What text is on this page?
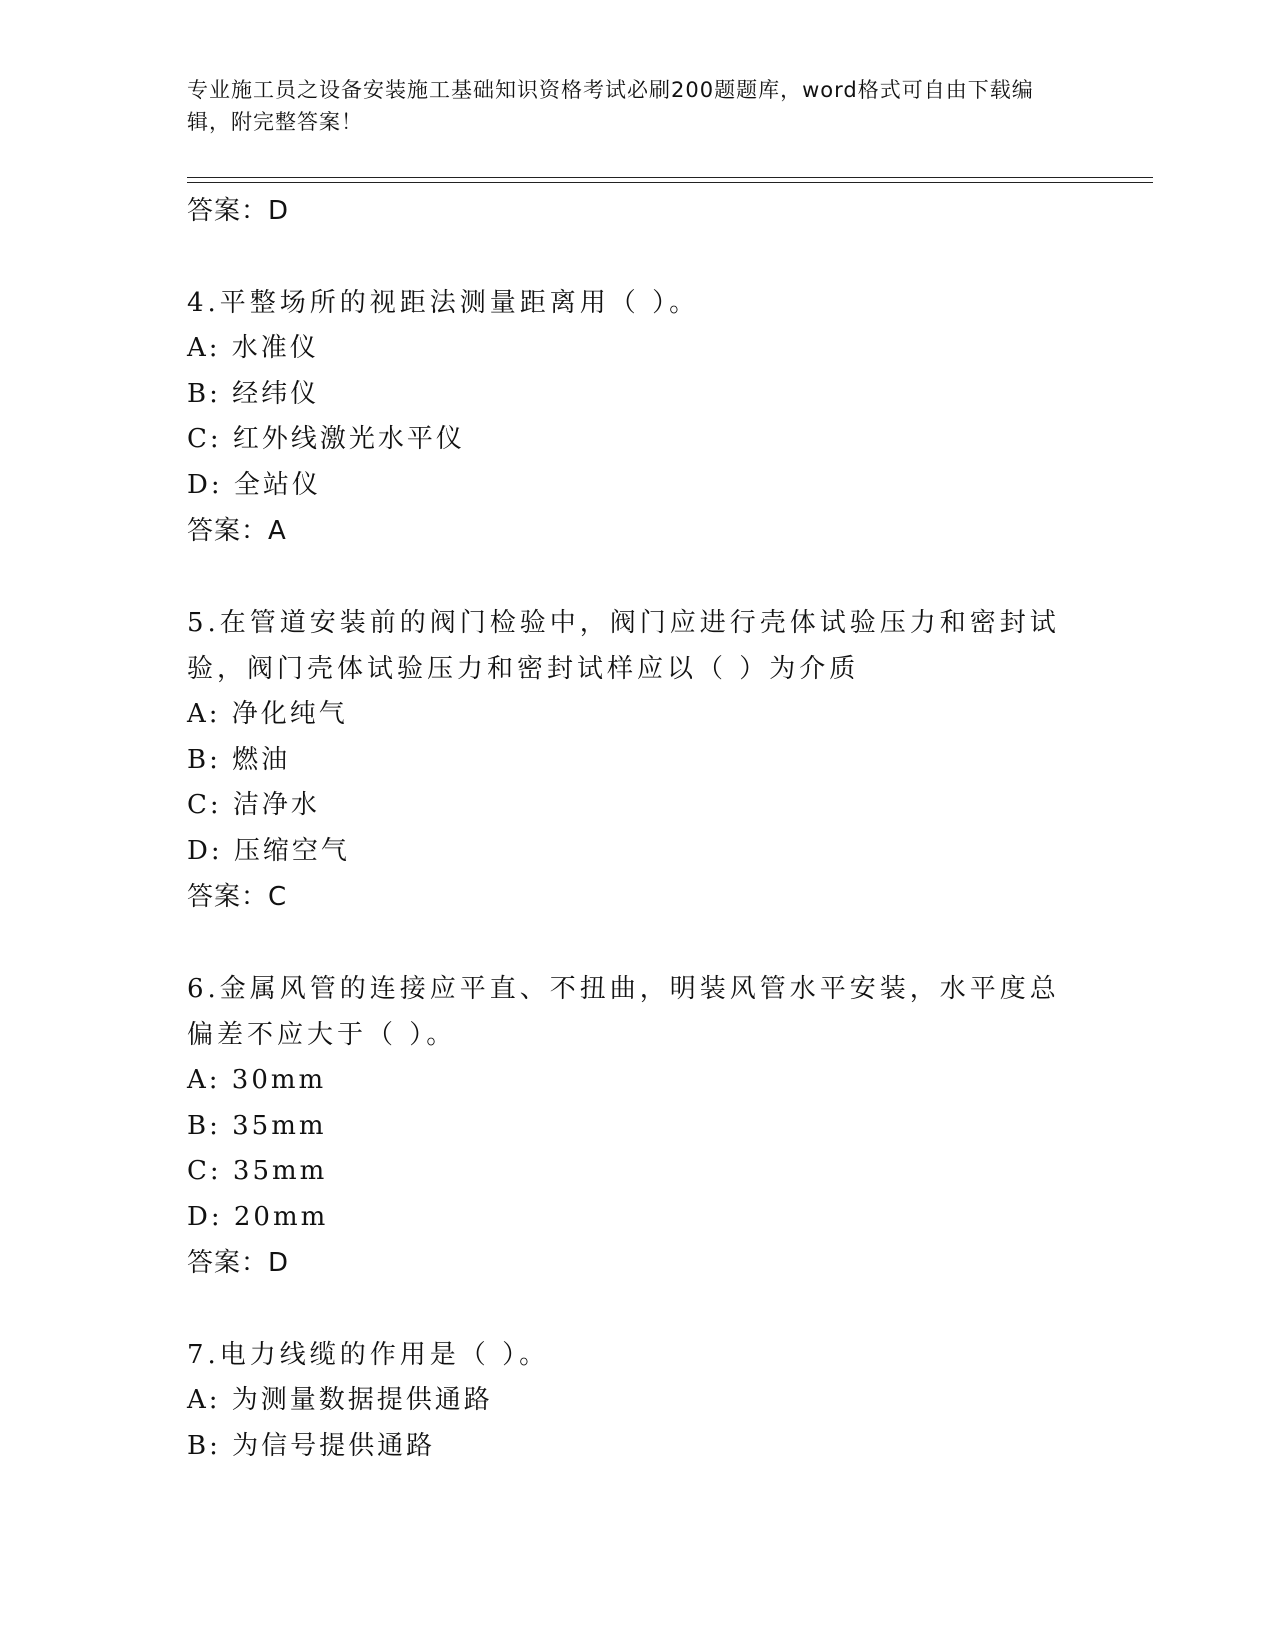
专业施工员之设备安装施工基础知识资格考试必刷200题题库，word格式可自由下载编辑，附完整答案！
答案：D
4.平整场所的视距法测量距离用（ ）。
A: 水准仪
B: 经纬仪
C: 红外线激光水平仪
D: 全站仪
答案：A
5.在管道安装前的阀门检验中，阀门应进行壳体试验压力和密封试验，阀门壳体试验压力和密封试样应以（ ）为介质
A: 净化纯气
B: 燃油
C: 洁净水
D: 压缩空气
答案：C
6.金属风管的连接应平直、不扭曲，明装风管水平安装，水平度总偏差不应大于（ ）。
A: 30mm
B: 35mm
C: 35mm
D: 20mm
答案：D
7.电力线缆的作用是（ ）。
A: 为测量数据提供通路
B: 为信号提供通路
